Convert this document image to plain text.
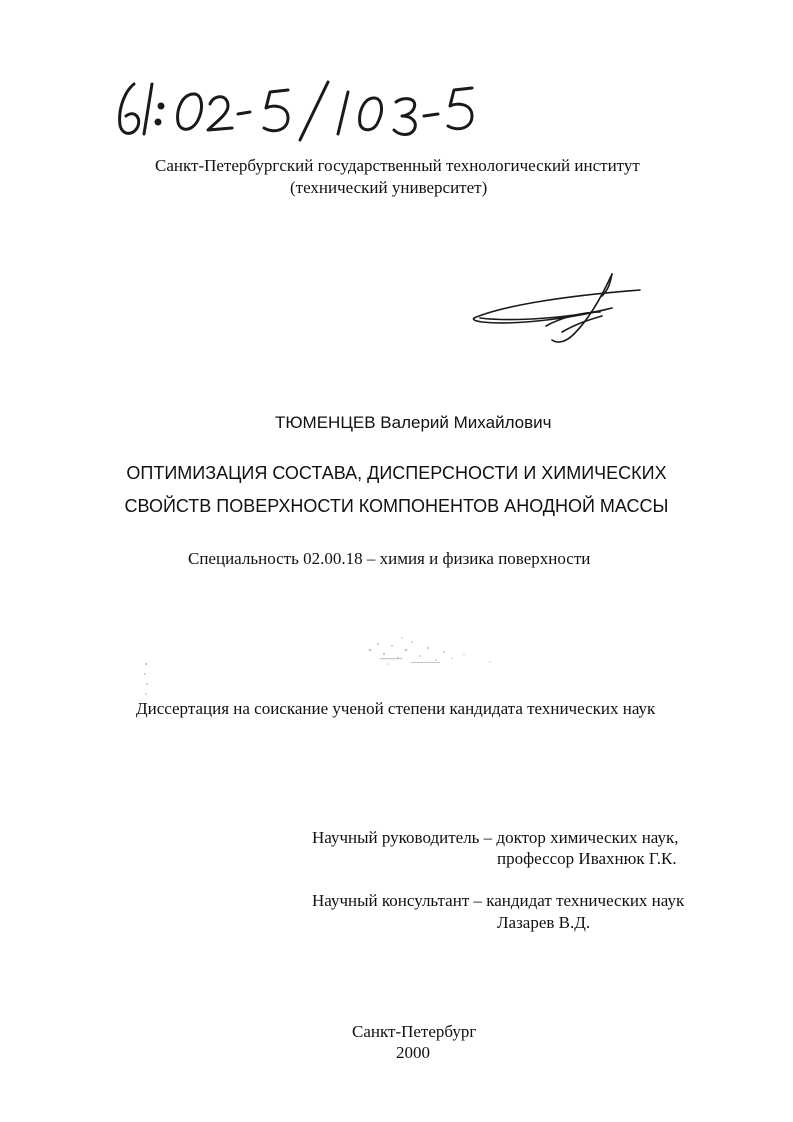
Санкт-Петербургский государственный технологический институт
(технический университет)
ТЮМЕНЦЕВ Валерий Михайлович
ОПТИМИЗАЦИЯ СОСТАВА, ДИСПЕРСНОСТИ И ХИМИЧЕСКИХ
СВОЙСТВ ПОВЕРХНОСТИ КОМПОНЕНТОВ АНОДНОЙ МАССЫ
Специальность 02.00.18 – химия и физика поверхности
Диссертация на соискание ученой степени кандидата технических наук
Научный руководитель – доктор химических наук,
профессор Ивахнюк Г.К.
Научный консультант – кандидат технических наук
Лазарев В.Д.
Санкт-Петербург
2000
